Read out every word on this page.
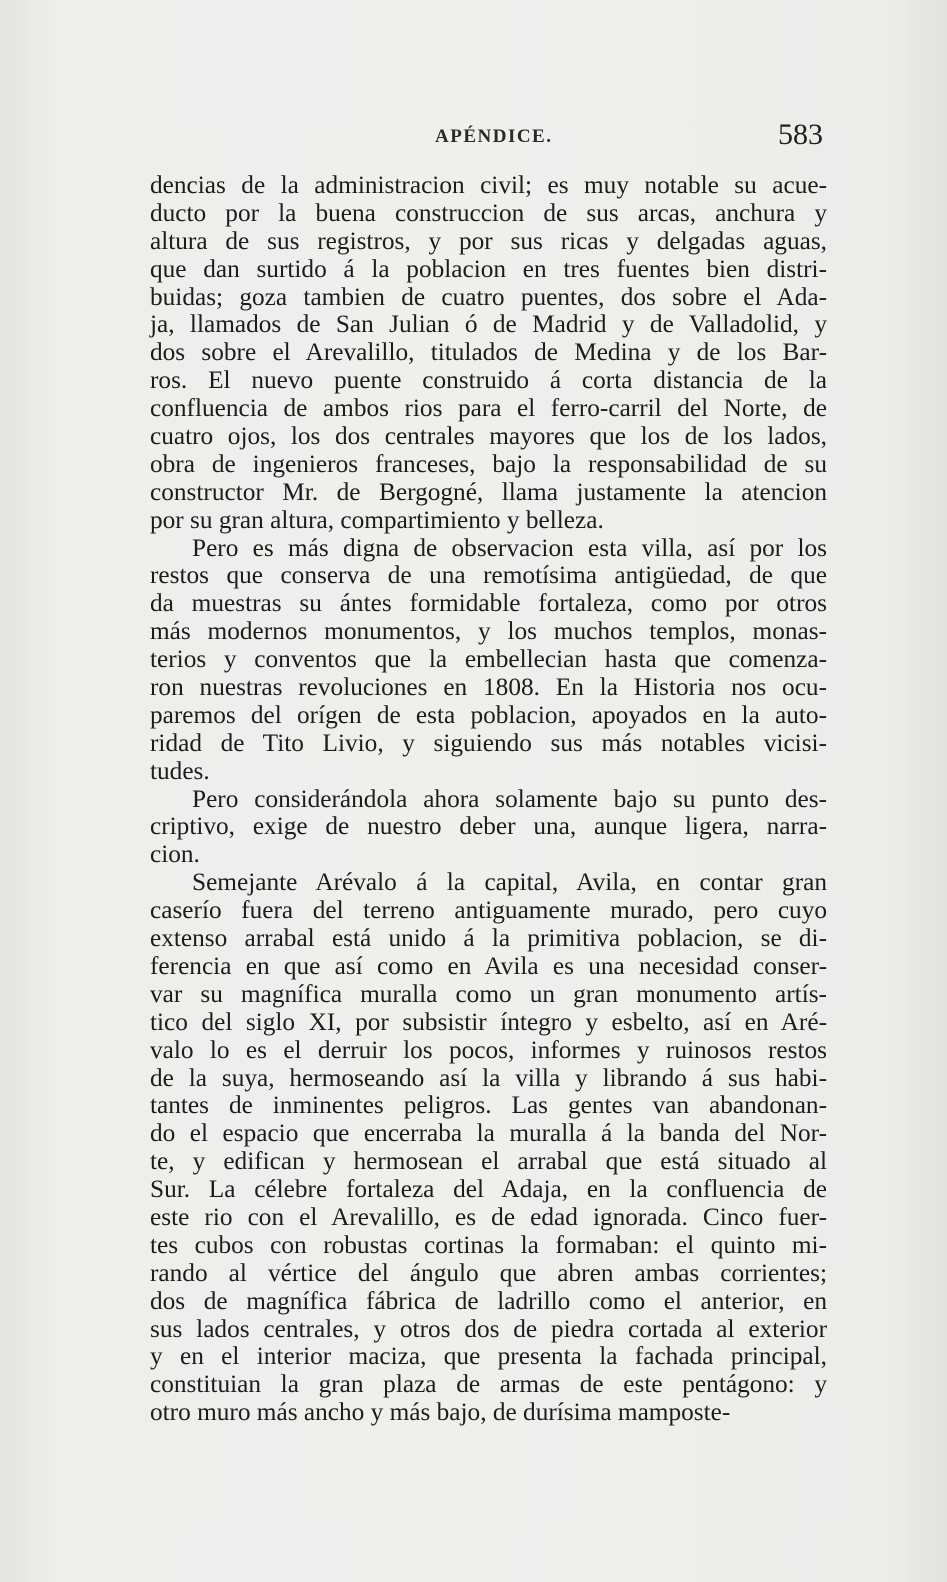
APÉNDICE.	583
dencias de la administracion civil; es muy notable su acue-
ducto por la buena construccion de sus arcas, anchura y
altura de sus registros, y por sus ricas y delgadas aguas,
que dan surtido á la poblacion en tres fuentes bien distri-
buidas; goza tambien de cuatro puentes, dos sobre el Ada-
ja, llamados de San Julian ó de Madrid y de Valladolid, y
dos sobre el Arevalillo, titulados de Medina y de los Bar-
ros. El nuevo puente construido á corta distancia de la
confluencia de ambos rios para el ferro-carril del Norte, de
cuatro ojos, los dos centrales mayores que los de los lados,
obra de ingenieros franceses, bajo la responsabilidad de su
constructor Mr. de Bergogné, llama justamente la atencion
por su gran altura, compartimiento y belleza.
Pero es más digna de observacion esta villa, así por los
restos que conserva de una remotísima antigüedad, de que
da muestras su ántes formidable fortaleza, como por otros
más modernos monumentos, y los muchos templos, monas-
terios y conventos que la embellecian hasta que comenza-
ron nuestras revoluciones en 1808. En la Historia nos ocu-
paremos del orígen de esta poblacion, apoyados en la auto-
ridad de Tito Livio, y siguiendo sus más notables vicisi-
tudes.
Pero considerándola ahora solamente bajo su punto des-
criptivo, exige de nuestro deber una, aunque ligera, narra-
cion.
Semejante Arévalo á la capital, Avila, en contar gran
caserío fuera del terreno antiguamente murado, pero cuyo
extenso arrabal está unido á la primitiva poblacion, se di-
ferencia en que así como en Avila es una necesidad conser-
var su magnífica muralla como un gran monumento artís-
tico del siglo XI, por subsistir íntegro y esbelto, así en Aré-
valo lo es el derruir los pocos, informes y ruinosos restos
de la suya, hermoseando así la villa y librando á sus habi-
tantes de inminentes peligros. Las gentes van abandonan-
do el espacio que encerraba la muralla á la banda del Nor-
te, y edifican y hermosean el arrabal que está situado al
Sur. La célebre fortaleza del Adaja, en la confluencia de
este rio con el Arevalillo, es de edad ignorada. Cinco fuer-
tes cubos con robustas cortinas la formaban: el quinto mi-
rando al vértice del ángulo que abren ambas corrientes;
dos de magnífica fábrica de ladrillo como el anterior, en
sus lados centrales, y otros dos de piedra cortada al exterior
y en el interior maciza, que presenta la fachada principal,
constituian la gran plaza de armas de este pentágono: y
otro muro más ancho y más bajo, de durísima mamposte-
